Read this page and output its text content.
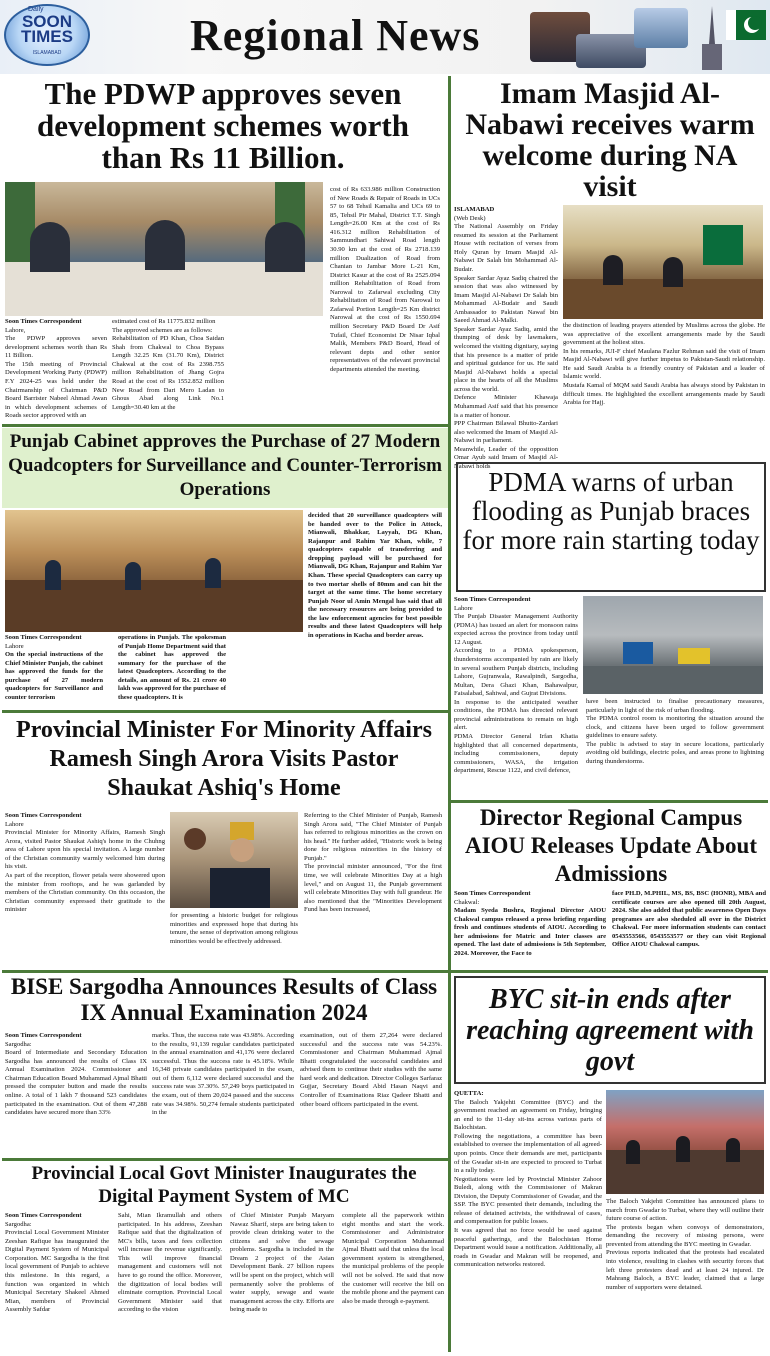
Daily
SOON TIMES
ISLAMABAD	Regional News
The PDWP approves seven development schemes worth than Rs 11 Billion.

Soon Times Correspondent

Lahore,

The PDWP approves seven development schemes worth than Rs 11 Billion.

The 15th meeting of Provincial Development Working Party (PDWP) F.Y 2024-25 was held under the Chairmanship of Chairman P&D Board Barrister Nabeel Ahmad Awan in which development schemes of Roads sector approved with an

estimated cost of Rs 11775.832 million

The approved schemes are as follows:

Rehabilitation of PD Khan, Choa Saidan Shah from Chakwal to Choa Bypass Length 32.25 Km (31.70 Km), District Chakwal at the cost of Rs 2398.755 million Rehabilitation of Jhang Gojra Road at the cost of Rs 1552.852 million New Road from Dari Mero Ladan to Ghous Abad along Link No.1 Length=30.40 km at the

cost of Rs 633.986 million Construction of New Roads & Repair of Roads in UCs 57 to 68 Tehsil Kamalia and UCs 69 to 85, Tehsil Pir Mahal, District T.T. Singh Length=26.00 Km at the cost of Rs 416.312 million Rehabilitation of Sammundhari Sahiwal Road length 30.90 km at the cost of Rs 2718.139 million Dualization of Road from Chanian to Jambar More L-21 Km, District Kasur at the cost of Rs 2525.094 million Rehabilitation of Road from Narowal to Zafarwal excluding City Rehabilitation of Road from Narowal to Zafarwal Portion Length=25 Km district Narowal at the cost of Rs 1550.694 million Secretary P&D Board Dr Asif Tufail, Chief Economist Dr Nisar Iqbal Malik, Members P&D Board, Head of relevant depts and other senior representatives of the relevant provincial departments attended the meeting.

Imam Masjid Al-Nabawi receives warm welcome during NA visit

ISLAMABAD

(Web Desk)

The National Assembly on Friday resumed its session at the Parliament House with recitation of verses from Holy Quran by Imam Masjid Al-Nabawi Dr Salah bin Mohammad Al-Budair.

Speaker Sardar Ayaz Sadiq chaired the session that was also witnessed by Imam Masjid Al-Nabawi Dr Salah bin Mohammad Al-Budair and Saudi Ambassador to Pakistan Nawaf bin Saeed Ahmad Al-Malki.

Speaker Sardar Ayaz Sadiq, amid the thumping of desk by lawmakers, welcomed the visiting dignitary, saying that his presence is a matter of pride and spiritual guidance for us. He said Masjid Al-Nabawi holds a special place in the hearts of all the Muslims across the world.

Defence Minister Khawaja Muhammad Asif said that his presence is a matter of honour.

PPP Chairman Bilawal Bhutto-Zardari also welcomed the Imam of Masjid Al-Nabawi in parliament.

Meanwhile, Leader of the opposition Omar Ayub said Imam of Masjid Al-Nabawi holds

the distinction of leading prayers attended by Muslims across the globe. He was appreciative of the excellent arrangements made by the Saudi government at the holiest sites.

In his remarks, JUI-F chief Maulana Fazlur Rehman said the visit of Imam Masjid Al-Nabawi will give further impetus to Pakistan-Saudi relationship. He said Saudi Arabia is a friendly country of Pakistan and a leader of Islamic world.

Mustafa Kamal of MQM said Saudi Arabia has always stood by Pakistan in difficult times. He highlighted the excellent arrangements made by Saudi Arabia for Hajj.

Punjab Cabinet approves the Purchase of 27 Modern Quadcopters for Surveillance and Counter-Terrorism Operations

Soon Times Correspondent

Lahore

On the special instructions of the Chief Minister Punjab, the cabinet has approved the funds for the purchase of 27 modern quadcopters for Surveillance and counter terrorism

operations in Punjab. The spokesman of Punjab Home Department said that the cabinet has approved the summary for the purchase of the latest Quadcopters. According to the details, an amount of Rs. 21 crore 40 lakh was approved for the purchase of these quadcopters. It is

decided that 20 surveillance quadcopters will be handed over to the Police in Attock, Mianwali, Bhakkar, Layyah, DG Khan, Rajanpur and Rahim Yar Khan, while, 7 quadcopters capable of transferring and dropping payload will be purchased for Mianwali, DG Khan, Rajanpur and Rahim Yar Khan. These special Quadcopters can carry up to two mortar shells of 80mm and can hit the target at the same time. The home secretary Punjab Noor ul Amin Mengal has said that all the necessary resources are being provided to the law enforcement agencies for best possible results and these latest Quadcopters will help in operations in Kacha and border areas.

PDMA warns of urban flooding as Punjab braces for more rain starting today

Soon Times Correspondent

Lahore

The Punjab Disaster Management Authority (PDMA) has issued an alert for monsoon rains expected across the province from today until 12 August.

According to a PDMA spokesperson, thunderstorms accompanied by rain are likely in several southern Punjab districts, including Lahore, Gujranwala, Rawalpindi, Sargodha, Multan, Dera Ghazi Khan, Bahawalpur, Faisalabad, Sahiwal, and Gujrat Divisions.

In response to the anticipated weather conditions, the PDMA has directed relevant provincial administrations to remain on high alert.

PDMA Director General Irfan Khatia highlighted that all concerned departments, including commissioners, deputy commissioners, WASA, the irrigation department, Rescue 1122, and civil defence,

have been instructed to finalise precautionary measures, particularly in light of the risk of urban flooding.

The PDMA control room is monitoring the situation around the clock, and citizens have been urged to follow government guidelines to ensure safety.

The public is advised to stay in secure locations, particularly avoiding old buildings, electric poles, and areas prone to lightning during thunderstorms.

Provincial Minister For Minority Affairs Ramesh Singh Arora Visits Pastor Shaukat Ashiq's Home

Soon Times Correspondent

Lahore

Provincial Minister for Minority Affairs, Ramesh Singh Arora, visited Pastor Shaukat Ashiq's home in the Chuhng area of Lahore upon his special invitation. A large number of the Christian community warmly welcomed him during his visit.

As part of the reception, flower petals were showered upon the minister from rooftops, and he was garlanded by members of the Christian community. On this occasion, the Christian community expressed their gratitude to the minister

for presenting a historic budget for religious minorities and expressed hope that during his tenure, the sense of deprivation among religious minorities would be effectively addressed.

Referring to the Chief Minister of Punjab, Ramesh Singh Arora said, "The Chief Minister of Punjab has referred to religious minorities as the crown on his head." He further added, "Historic work is being done for religious minorities in the history of Punjab."

The provincial minister announced, "For the first time, we will celebrate Minorities Day at a high level," and on August 11, the Punjab government will celebrate Minorities Day with full grandeur. He also mentioned that the "Minorities Development Fund has been increased,

Director Regional Campus AIOU Releases Update About Admissions

Soon Times Correspondent

Chakwal:

Madam Syeda Bushra, Regional Director AIOU Chakwal campus released a press briefing regarding fresh and continues students of AIOU. According to her admissions for Matric and Inter classes are opened. The last date of admissions is 5th September, 2024. Moreover, the Face to

face PH.D, M.PHIL, MS, BS, BSC (HONR), MBA and certificate courses are also opened till 20th August, 2024. She also added that public awareness Open Days programes are also sheduled all over in the District Chakwal. For more information students can contact 0543553566, 0543553577 or they can visit Regional Office AIOU Chakwal campus.

BISE Sargodha Announces Results of Class IX Annual Examination 2024

Soon Times Correspondent

Sargodha:

Board of Intermediate and Secondary Education Sargodha has announced the results of Class IX Annual Examination 2024. Commissioner and Chairman Education Board Muhammad Ajmal Bhatti pressed the computer button and made the results online. A total of 1 lakh 7 thousand 523 candidates participated in the examination. Out of them 47,288 candidates have secured more than 33%

marks. Thus, the success rate was 43.98%. According to the results, 91,139 regular candidates participated in the annual examination and 41,176 were declared successful. Thus the success rate is 45.18%. While 16,348 private candidates participated in the exam, out of them 6,112 were declared successful and the success rate was 37.30%. 57,249 boys participated in the exam, out of them 20,024 passed and the success rate was 34.98%. 50,274 female students participated in the

examination, out of them 27,264 were declared successful and the success rate was 54.23%. Commissioner and Chairman Muhammad Ajmal Bhatti congratulated the successful candidates and advised them to continue their studies with the same hard work and dedication. Director Colleges Sarfaraz Gujjar, Secretary Board Abid Hasan Naqvi and Controller of Examinations Riaz Qadeer Bhatti and other board officers participated in the event.

BYC sit-in ends after reaching agreement with govt

QUETTA:

The Baloch Yakjehti Committee (BYC) and the government reached an agreement on Friday, bringing an end to the 11-day sit-ins across various parts of Balochistan.

Following the negotiations, a committee has been established to oversee the implementation of all agreed-upon points. Once their demands are met, participants of the Gwadar sit-in are expected to proceed to Turbat in a rally today.

Negotiations were led by Provincial Minister Zahoor Buledi, along with the Commissioner of Makran Division, the Deputy Commissioner of Gwadar, and the SSP. The BYC presented their demands, including the release of detained activists, the withdrawal of cases, and compensation for public losses.

It was agreed that no force would be used against peaceful gatherings, and the Balochistan Home Department would issue a notification. Additionally, all roads in Gwadar and Makran will be reopened, and communication networks restored.

The Baloch Yakjehti Committee has announced plans to march from Gwadar to Turbat, where they will outline their future course of action.

The protests began when convoys of demonstrators, demanding the recovery of missing persons, were prevented from attending the BYC meeting in Gwadar.

Previous reports indicated that the protests had escalated into violence, resulting in clashes with security forces that left three protesters dead and at least 24 injured. Dr Mahrang Baloch, a BYC leader, claimed that a large number of supporters were detained.

Provincial Local Govt Minister Inaugurates the Digital Payment System of MC

Soon Times Correspondent

Sargodha:

Provincial Local Government Minister Zeeshan Rafique has inaugurated the Digital Payment System of Municipal Corporation. MC Sargodha is the first local government of Punjab to achieve this milestone. In this regard, a function was organized in which Municipal Secretary Shakeel Ahmed Mian, members of Provincial Assembly Safdar

Sahi, Mian Ikramullah and others participated. In his address, Zeeshan Rafique said that the digitalization of MC's bills, taxes and fees collection will increase the revenue significantly. This will improve financial management and customers will not have to go round the office. Moreover, the digitization of local bodies will eliminate corruption. Provincial Local Government Minister said that according to the vision

of Chief Minister Punjab Maryam Nawaz Sharif, steps are being taken to provide clean drinking water to the citizens and solve the sewage problems. Sargodha is included in the Dream 2 project of the Asian Development Bank. 27 billion rupees will be spent on the project, which will permanently solve the problems of water supply, sewage and waste management across the city. Efforts are being made to

complete all the paperwork within eight months and start the work. Commissioner and Administrator Municipal Corporation Muhammad Ajmal Bhatti said that unless the local government system is strengthened, the municipal problems of the people will not be solved. He said that now the customer will receive the bill on the mobile phone and the payment can also be made through e-payment.
